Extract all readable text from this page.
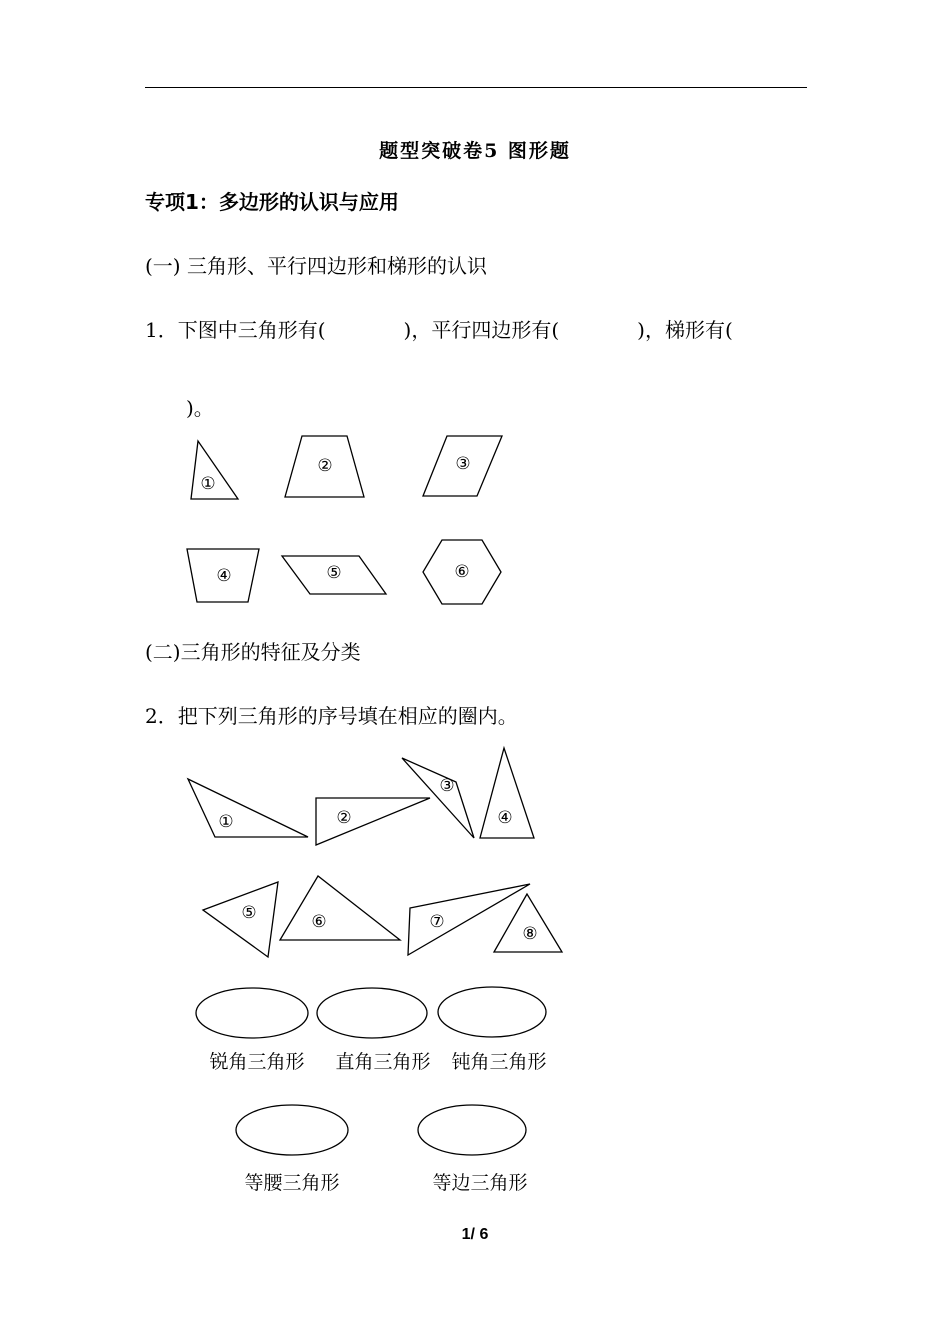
题型突破卷5 图形题
专项1：多边形的认识与应用
(一) 三角形、平行四边形和梯形的认识
1．下图中三角形有(	)，平行四边形有(	)，梯形有(
)。
(二)三角形的特征及分类
2．把下列三角形的序号填在相应的圈内。
①
②	③
④	⑤	⑥
①	②
③
④
⑤	⑥	⑦
⑧
锐角三角形	直角三角形	钝角三角形
等腰三角形	等边三角形
1/ 6
